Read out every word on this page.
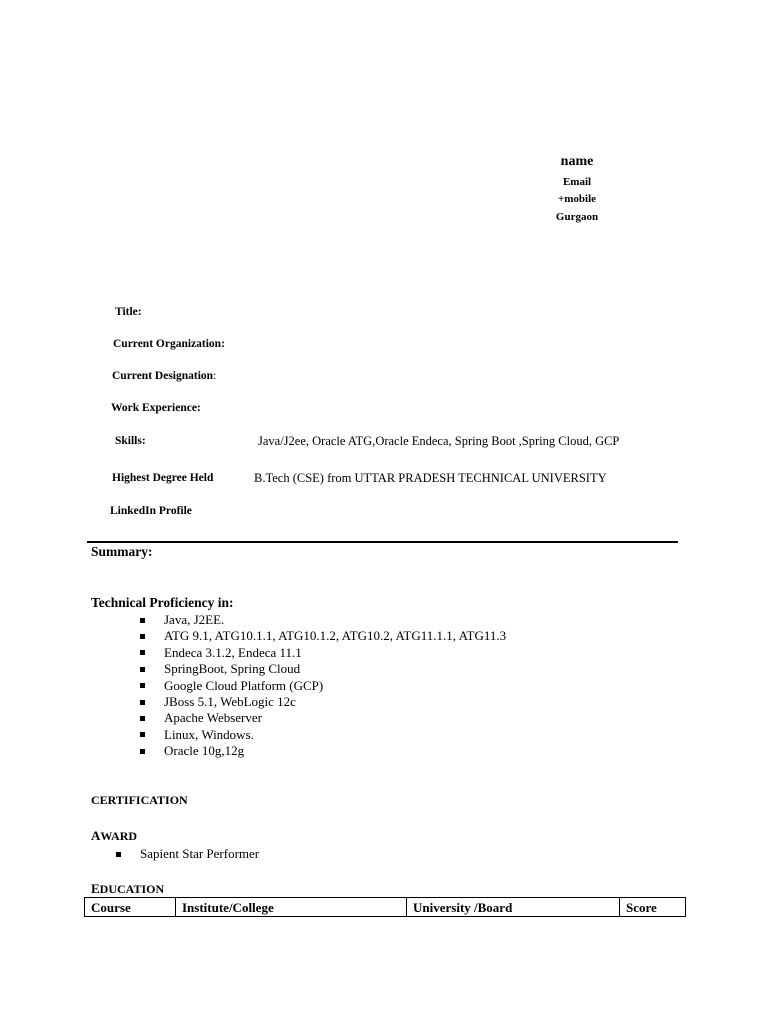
name
Email
+mobile
Gurgaon
Title:
Current Organization:
Current Designation:
Work Experience:
Skills:	Java/J2ee, Oracle ATG,Oracle Endeca, Spring Boot ,Spring Cloud, GCP
Highest Degree Held	B.Tech (CSE) from UTTAR PRADESH TECHNICAL UNIVERSITY
LinkedIn Profile
Summary:
Technical Proficiency in:
Java, J2EE.
ATG 9.1, ATG10.1.1, ATG10.1.2, ATG10.2, ATG11.1.1, ATG11.3
Endeca 3.1.2, Endeca 11.1
SpringBoot, Spring Cloud
Google Cloud Platform (GCP)
JBoss 5.1, WebLogic 12c
Apache Webserver
Linux, Windows.
Oracle 10g,12g
CERTIFICATION
AWARD
Sapient Star Performer
EDUCATION
Course	Institute/College	University /Board	Score
